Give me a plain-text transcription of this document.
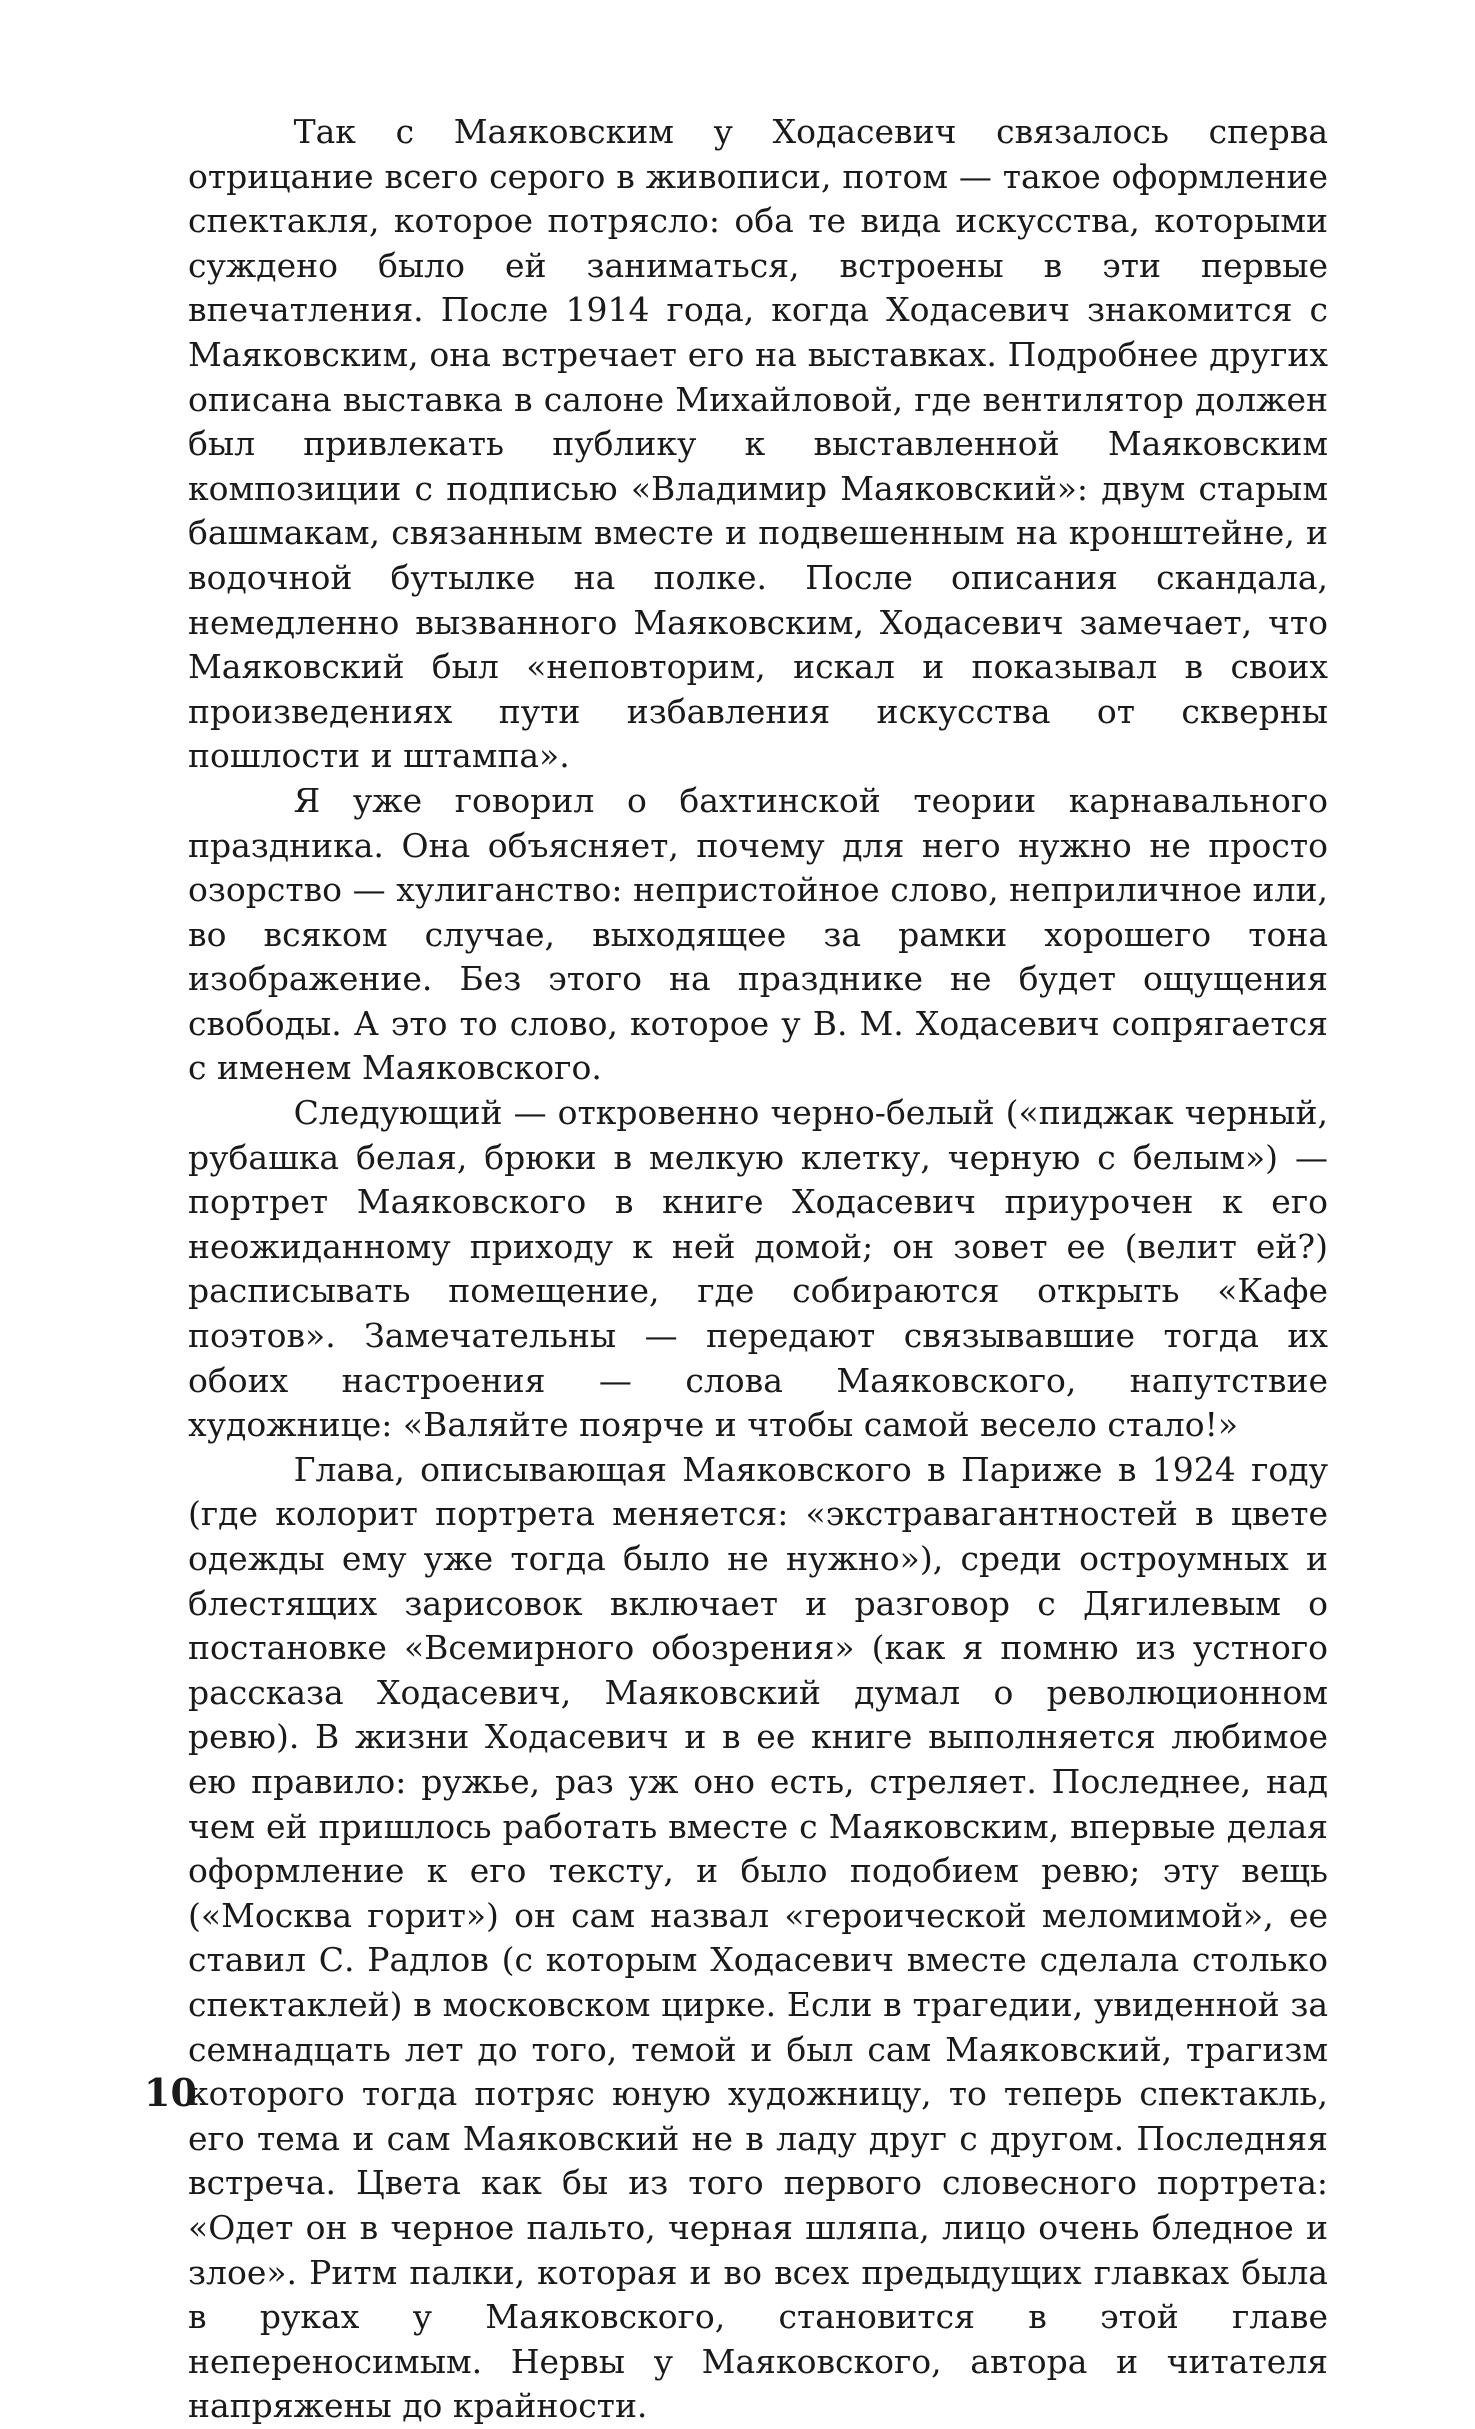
Так с Маяковским у Ходасевич связалось сперва отрицание всего серого в живописи, потом — такое оформление спектакля, которое потрясло: оба те вида искусства, которыми суждено было ей заниматься, встроены в эти первые впечатления. После 1914 года, когда Ходасевич знакомится с Маяковским, она встречает его на выставках. Подробнее других описана выставка в салоне Михайловой, где вентилятор должен был привлекать публику к выставленной Маяковским композиции с подписью «Владимир Маяковский»: двум старым башмакам, связанным вместе и подвешенным на кронштейне, и водочной бутылке на полке. После описания скандала, немедленно вызванного Маяковским, Ходасевич замечает, что Маяковский был «неповторим, искал и показывал в своих произведениях пути избавления искусства от скверны пошлости и штампа».

Я уже говорил о бахтинской теории карнавального праздника. Она объясняет, почему для него нужно не просто озорство — хулиганство: непристойное слово, неприличное или, во всяком случае, выходящее за рамки хорошего тона изображение. Без этого на празднике не будет ощущения свободы. А это то слово, которое у В. М. Ходасевич сопрягается с именем Маяковского.

Следующий — откровенно черно-белый («пиджак черный, рубашка белая, брюки в мелкую клетку, черную с белым») — портрет Маяковского в книге Ходасевич приурочен к его неожиданному приходу к ней домой; он зовет ее (велит ей?) расписывать помещение, где собираются открыть «Кафе поэтов». Замечательны — передают связывавшие тогда их обоих настроения — слова Маяковского, напутствие художнице: «Валяйте поярче и чтобы самой весело стало!»

Глава, описывающая Маяковского в Париже в 1924 году (где колорит портрета меняется: «экстравагантностей в цвете одежды ему уже тогда было не нужно»), среди остроумных и блестящих зарисовок включает и разговор с Дягилевым о постановке «Всемирного обозрения» (как я помню из устного рассказа Ходасевич, Маяковский думал о революционном ревю). В жизни Ходасевич и в ее книге выполняется любимое ею правило: ружье, раз уж оно есть, стреляет. Последнее, над чем ей пришлось работать вместе с Маяковским, впервые делая оформление к его тексту, и было подобием ревю; эту вещь («Москва горит») он сам назвал «героической меломимой», ее ставил С. Радлов (с которым Ходасевич вместе сделала столько спектаклей) в московском цирке. Если в трагедии, увиденной за семнадцать лет до того, темой и был сам Маяковский, трагизм которого тогда потряс юную художницу, то теперь спектакль, его тема и сам Маяковский не в ладу друг с другом. Последняя встреча. Цвета как бы из того первого словесного портрета: «Одет он в черное пальто, черная шляпа, лицо очень бледное и злое». Ритм палки, которая и во всех предыдущих главках была в руках у Маяковского, становится в этой главе непереносимым. Нервы у Маяковского, автора и читателя напряжены до крайности.

10
